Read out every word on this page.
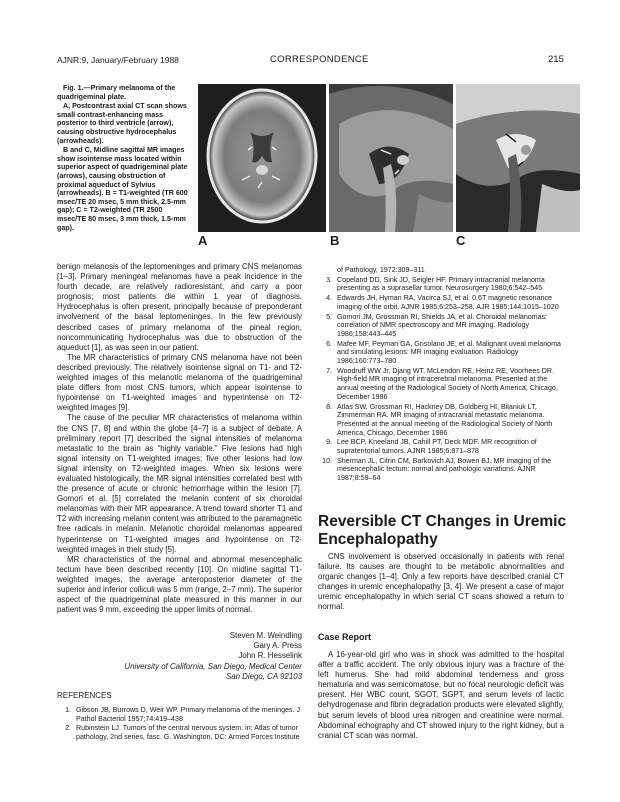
AJNR:9, January/February 1988	CORRESPONDENCE	215

Fig. 1.—Primary melanoma of the quadrigeminal plate.

A, Postcontrast axial CT scan shows small contrast-enhancing mass posterior to third ventricle (arrow), causing obstructive hydrocephalus (arrowheads).

B and C, Midline sagittal MR images show isointense mass located within superior aspect of quadrigeminal plate (arrows), causing obstruction of proximal aqueduct of Sylvius (arrowheads). B = T1-weighted (TR 600 msec/TE 20 msec, 5 mm thick, 2.5-mm gap); C = T2-weighted (TR 2500 msec/TE 80 msec, 3 mm thick, 1.5-mm gap).

A	B	C

benign melanosis of the leptomeninges and primary CNS melanomas [1–3]. Primary meningeal melanomas have a peak incidence in the fourth decade, are relatively radioresistant, and carry a poor prognosis; most patients die within 1 year of diagnosis. Hydrocephalus is often present, principally because of preponderant involvement of the basal leptomeninges. In the few previously described cases of primary melanoma of the pineal region, noncommunicating hydrocephalus was due to obstruction of the aqueduct [1], as was seen in our patient.

The MR characteristics of primary CNS melanoma have not been described previously. The relatively isointense signal on T1- and T2-weighted images of this melanotic melanoma of the quadrigeminal plate differs from most CNS tumors, which appear isointense to hypointense on T1-weighted images and hyperintense on T2-weighted images [9].

The cause of the peculiar MR characteristics of melanoma within the CNS [7, 8] and within the globe [4–7] is a subject of debate. A preliminary report [7] described the signal intensities of melanoma metastatic to the brain as “highly variable.” Five lesions had high signal intensity on T1-weighted images; five other lesions had low signal intensity on T2-weighted images. When six lesions were evaluated histologically, the MR signal intensities correlated best with the presence of acute or chronic hemorrhage within the lesion [7]. Gomori et al. [5] correlated the melanin content of six choroidal melanomas with their MR appearance. A trend toward shorter T1 and T2 with increasing melanin content was attributed to the paramagnetic free radicals in melanin. Melanotic choroidal melanomas appeared hyperintense on T1-weighted images and hypointense on T2-weighted images in their study [5].

MR characteristics of the normal and abnormal mesencephalic tectum have been described recently [10]. On midline sagittal T1-weighted images, the average anteroposterior diameter of the superior and inferior colliculi was 5 mm (range, 2–7 mm). The superior aspect of the quadrigeminal plate measured in this manner in our patient was 9 mm, exceeding the upper limits of normal.

Steven M. Weindling
Gary A. Press
John R. Hesselink
University of California, San Diego, Medical Center
San Diego, CA 92103
REFERENCES
1. Gibson JB, Burrows D, Weir WP. Primary melanoma of the meninges. J Pathol Bacteriol 1957;74:419–438
2. Rubinstein LJ. Tumors of the central nervous system. in: Atlas of tumor pathology, 2nd series, fasc. G. Washington, DC: Armed Forces Institute
of Pathology, 1972:309–311
3. Copeland DD, Sink JD, Seigler HF. Primary intracranial melanoma presenting as a suprasellar tumor. Neurosurgery 1980;6:542–545
4. Edwards JH, Hyman RA, Vacirca SJ, et al. 0.6T magnetic resonance imaging of the orbit. AJNR 1985;6:253–258, AJR 1985;144:1015–1020
5. Gomori JM, Grossman RI, Shields JA, et al. Choroidal melanomas: correlation of NMR spectroscopy and MR imaging. Radiology 1986;158:443–445
6. Mafee MF, Peyman GA, Grisolano JE, et al. Malignant uveal melanoma and simulating lesions: MR imaging evaluation. Radiology 1986;160:773–780
7. Woodruff WW Jr, Djang WT, McLendon RE, Heinz RE, Voorhees DR. High-field MR imaging of intracerebral melanoma. Presented at the annual meeting of the Radiological Society of North America, Chicago, December 1986
8. Atlas SW, Grossman RI, Hackney DB, Goldberg HI, Bilaniuk LT, Zimmerman RA. MR imaging of intracranial metastatic melanoma. Presented at the annual meeting of the Radiological Society of North America, Chicago, December 1986
9. Lee BCP, Kneeland JB, Cahill PT, Deck MDF. MR recognition of supratentorial tumors. AJNR 1985;6:871–878
10. Sherman JL, Citrin CM, Barkovich AJ, Bowen BJ. MR imaging of the mesencephalic tectum: normal and pathologic variations. AJNR 1987;8:59–64
Reversible CT Changes in Uremic Encephalopathy

CNS involvement is observed occasionally in patients with renal failure. Its causes are thought to be metabolic abnormalities and organic changes [1–4]. Only a few reports have described cranial CT changes in uremic encephalopathy [3, 4]. We present a case of major uremic encephalopathy in which serial CT scans showed a return to normal.

Case Report

A 16-year-old girl who was in shock was admitted to the hospital after a traffic accident. The only obvious injury was a fracture of the left humerus. She had mild abdominal tenderness and gross hematuria and was semicomatose, but no focal neurologic deficit was present. Her WBC count, SGOT, SGPT, and serum levels of lactic dehydrogenase and fibrin degradation products were elevated slightly, but serum levels of blood urea nitrogen and creatinine were normal. Abdominal echography and CT showed injury to the right kidney, but a cranial CT scan was normal.
